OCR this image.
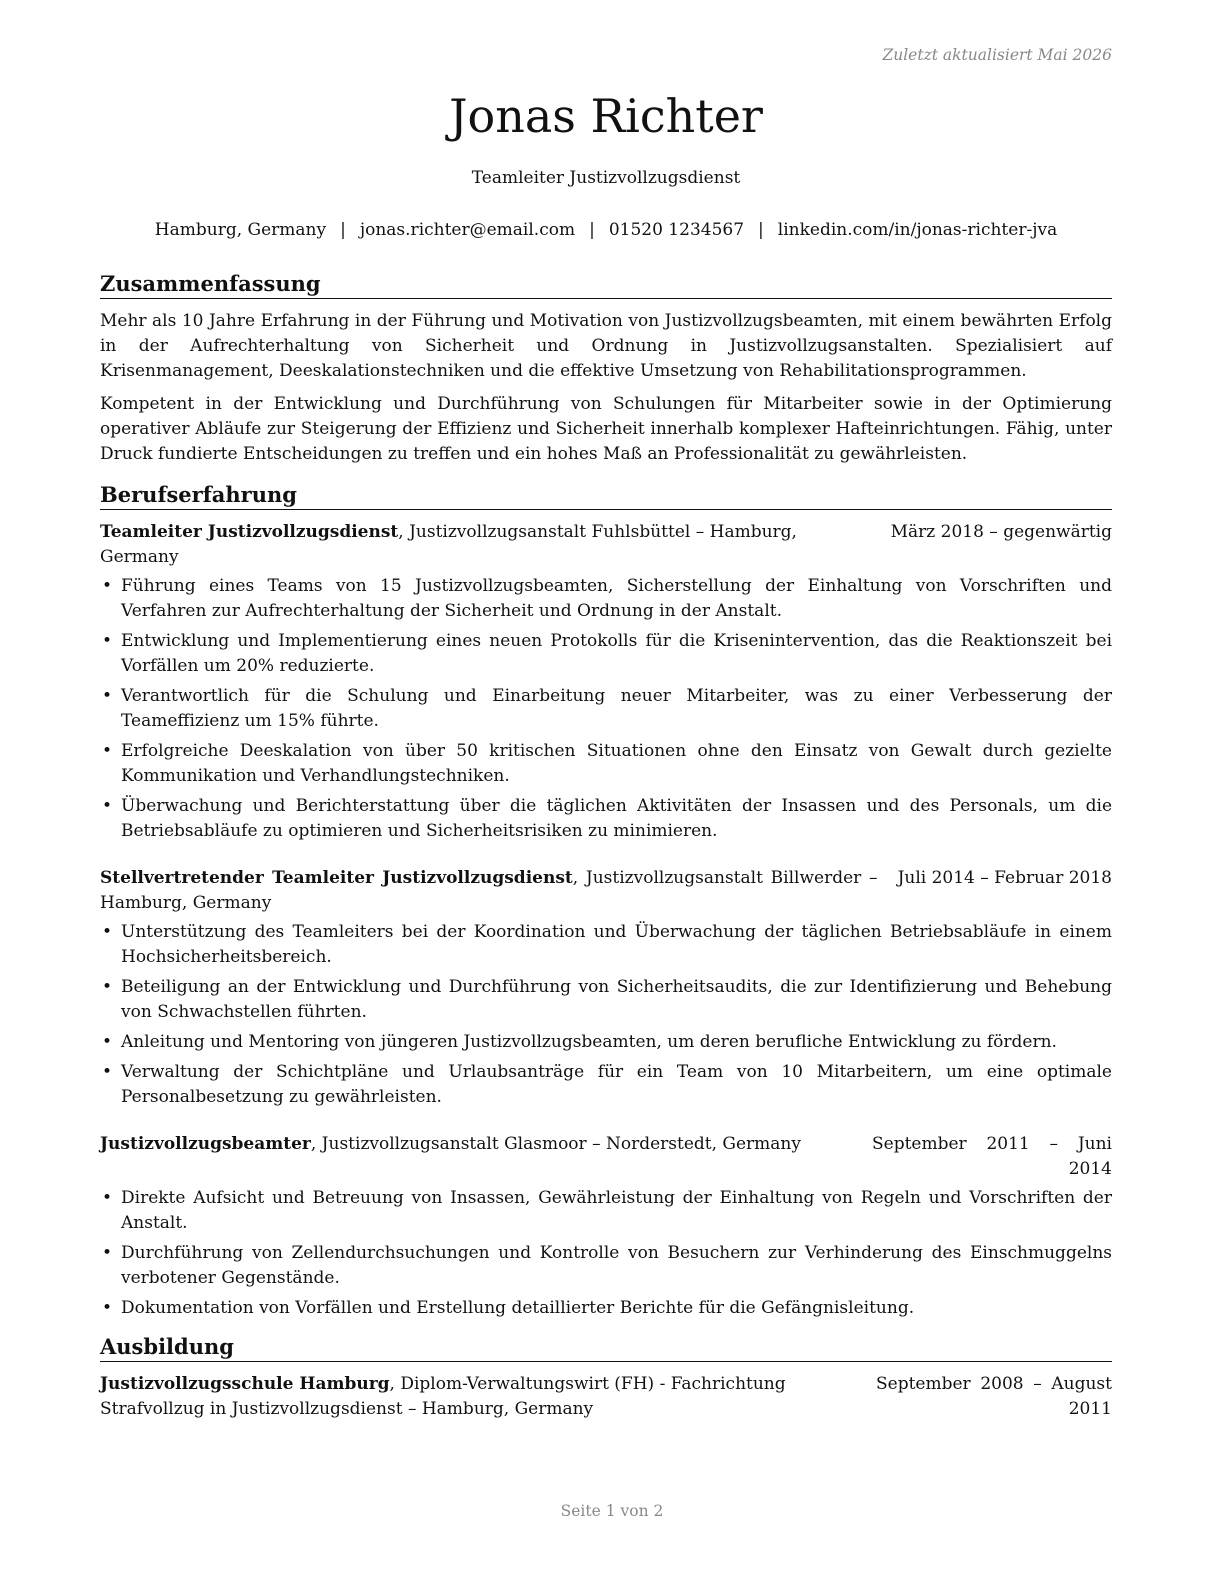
Zuletzt aktualisiert Mai 2026
Jonas Richter
Teamleiter Justizvollzugsdienst
Hamburg, Germany | jonas.richter@email.com | 01520 1234567 | linkedin.com/in/jonas-richter-jva
Zusammenfassung

Mehr als 10 Jahre Erfahrung in der Führung und Motivation von Justizvollzugsbeamten, mit einem bewährten Erfolg in der Aufrechterhaltung von Sicherheit und Ordnung in Justizvollzugsanstalten. Spezialisiert auf Krisenmanagement, Deeskalationstechniken und die effektive Umsetzung von Rehabilitationsprogrammen.

Kompetent in der Entwicklung und Durchführung von Schulungen für Mitarbeiter sowie in der Optimierung operativer Abläufe zur Steigerung der Effizienz und Sicherheit innerhalb komplexer Hafteinrichtungen. Fähig, unter Druck fundierte Entscheidungen zu treffen und ein hohes Maß an Professionalität zu gewährleisten.

Berufserfahrung
Teamleiter Justizvollzugsdienst, Justizvollzugsanstalt Fuhlsbüttel – Hamburg, Germany
März 2018 – gegenwärtig
• Führung eines Teams von 15 Justizvollzugsbeamten, Sicherstellung der Einhaltung von Vorschriften und Verfahren zur Aufrechterhaltung der Sicherheit und Ordnung in der Anstalt.
• Entwicklung und Implementierung eines neuen Protokolls für die Krisenintervention, das die Reaktionszeit bei Vorfällen um 20% reduzierte.
• Verantwortlich für die Schulung und Einarbeitung neuer Mitarbeiter, was zu einer Verbesserung der Teameffizienz um 15% führte.
• Erfolgreiche Deeskalation von über 50 kritischen Situationen ohne den Einsatz von Gewalt durch gezielte Kommunikation und Verhandlungstechniken.
• Überwachung und Berichterstattung über die täglichen Aktivitäten der Insassen und des Personals, um die Betriebsabläufe zu optimieren und Sicherheitsrisiken zu minimieren.
Stellvertretender Teamleiter Justizvollzugsdienst, Justizvollzugsanstalt Billwerder – Hamburg, Germany
Juli 2014 – Februar 2018
• Unterstützung des Teamleiters bei der Koordination und Überwachung der täglichen Betriebsabläufe in einem Hochsicherheitsbereich.
• Beteiligung an der Entwicklung und Durchführung von Sicherheitsaudits, die zur Identifizierung und Behebung von Schwachstellen führten.
• Anleitung und Mentoring von jüngeren Justizvollzugsbeamten, um deren berufliche Entwicklung zu fördern.
• Verwaltung der Schichtpläne und Urlaubsanträge für ein Team von 10 Mitarbeitern, um eine optimale Personalbesetzung zu gewährleisten.
Justizvollzugsbeamter, Justizvollzugsanstalt Glasmoor – Norderstedt, Germany	September 2011 – Juni 2014
• Direkte Aufsicht und Betreuung von Insassen, Gewährleistung der Einhaltung von Regeln und Vorschriften der Anstalt.
• Durchführung von Zellendurchsuchungen und Kontrolle von Besuchern zur Verhinderung des Einschmuggelns verbotener Gegenstände.
• Dokumentation von Vorfällen und Erstellung detaillierter Berichte für die Gefängnisleitung.
Ausbildung
Justizvollzugsschule Hamburg, Diplom-Verwaltungswirt (FH) - Fachrichtung Strafvollzug in Justizvollzugsdienst – Hamburg, Germany
September 2008 – August 2011
Seite 1 von 2
